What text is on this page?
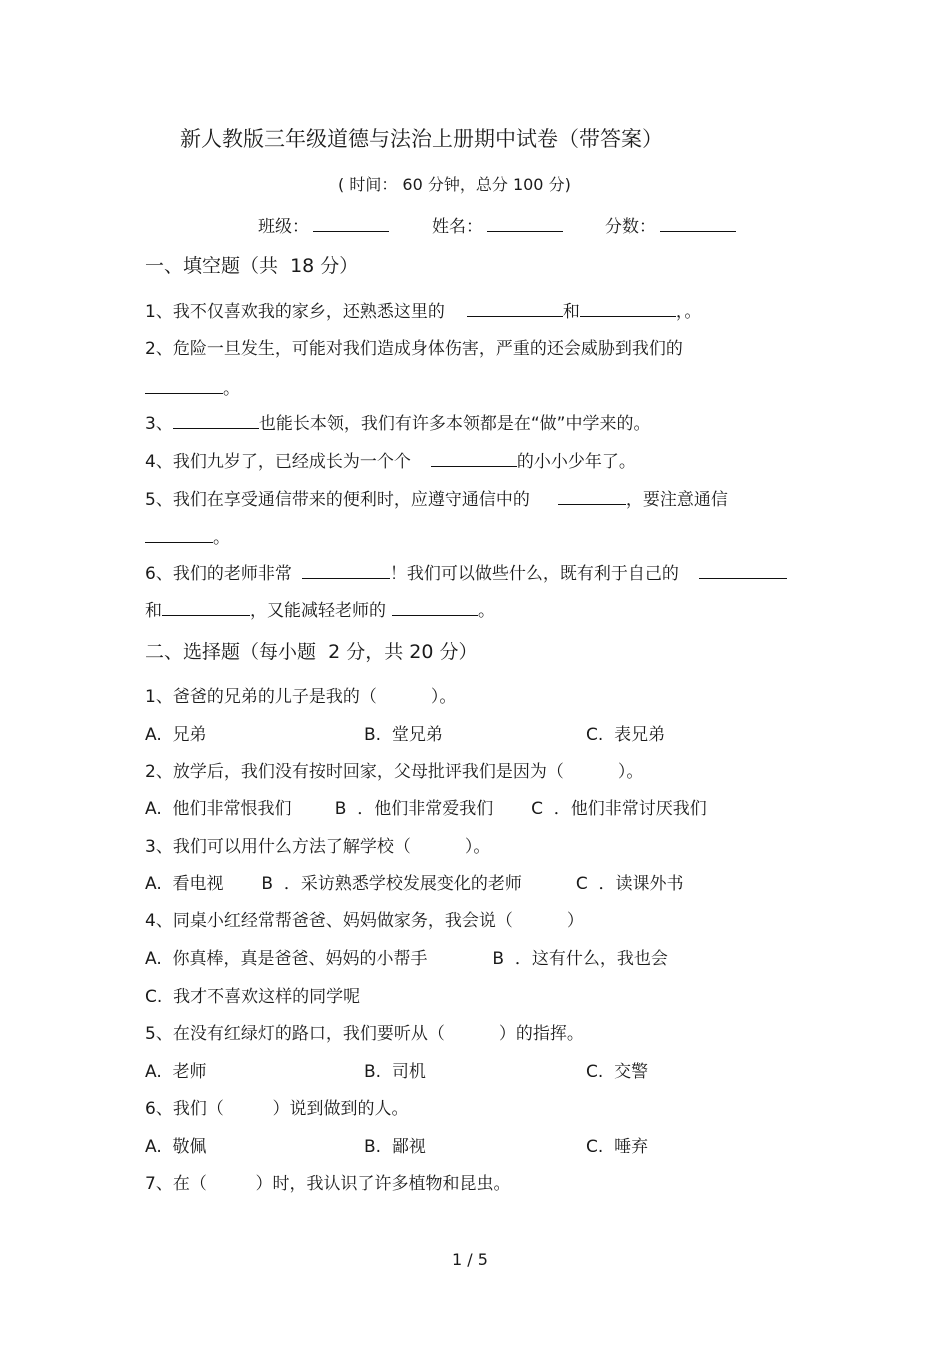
新人教版三年级道德与法治上册期中试卷（带答案）
( 时间： 60 分钟，总分 100 分)
班级：	姓名：	分数：
一、填空题（共  18 分）
1、我不仅喜欢我的家乡，还熟悉这里的	和	，。
2、危险一旦发生，可能对我们造成身体伤害，严重的还会威胁到我们的
。
3、	也能长本领，我们有许多本领都是在“做”中学来的。
4、我们九岁了，已经成长为一个个	的小小少年了。
5、我们在享受通信带来的便利时，应遵守通信中的	，要注意通信
。
6、我们的老师非常	！我们可以做些什么，既有利于自己的
和	，又能减轻老师的	。
二、选择题（每小题  2 分，共 20 分）
1、爸爸的兄弟的儿子是我的（          ）。
A.  兄弟	B.  堂兄弟	C.  表兄弟
2、放学后，我们没有按时回家，父母批评我们是因为（          ）。
A.  他们非常恨我们        B  ．他们非常爱我们       C  ．他们非常讨厌我们
3、我们可以用什么方法了解学校（          ）。
A.  看电视       B  ．采访熟悉学校发展变化的老师          C  ．读课外书
4、同桌小红经常帮爸爸、妈妈做家务，我会说（          ）
A.  你真棒，真是爸爸、妈妈的小帮手            B  ．这有什么，我也会
C.  我才不喜欢这样的同学呢
5、在没有红绿灯的路口，我们要听从（          ）的指挥。
A.  老师	B.  司机	C.  交警
6、我们（         ）说到做到的人。
A.  敬佩	B.  鄙视	C.  唾弃
7、在（         ）时，我认识了许多植物和昆虫。
1 / 5
